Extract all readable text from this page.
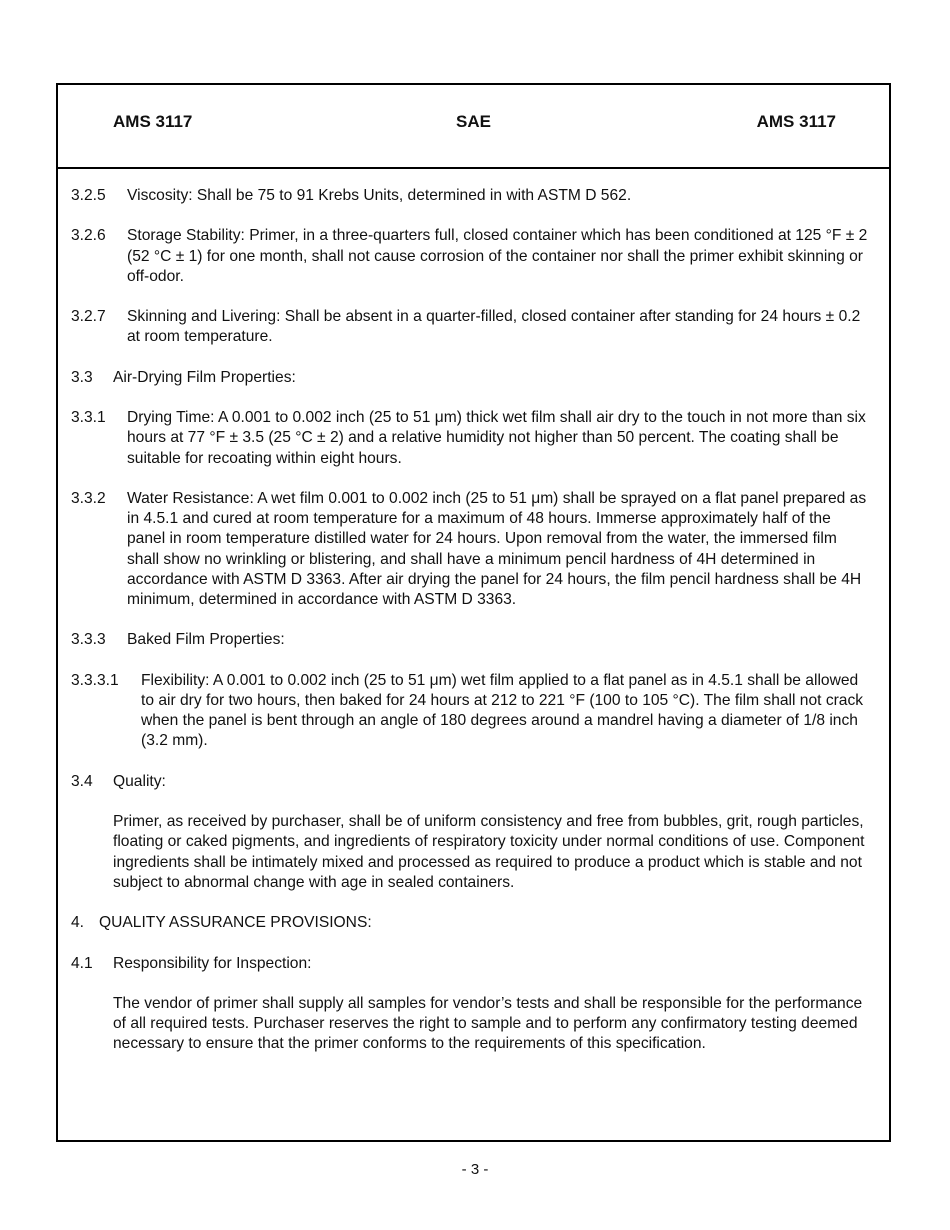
AMS 3117	SAE	AMS 3117
3.2.5 Viscosity: Shall be 75 to 91 Krebs Units, determined in with ASTM D 562.
3.2.6 Storage Stability: Primer, in a three-quarters full, closed container which has been conditioned at 125 °F ± 2 (52 °C ± 1) for one month, shall not cause corrosion of the container nor shall the primer exhibit skinning or off-odor.
3.2.7 Skinning and Livering: Shall be absent in a quarter-filled, closed container after standing for 24 hours ± 0.2 at room temperature.
3.3 Air-Drying Film Properties:
3.3.1 Drying Time: A 0.001 to 0.002 inch (25 to 51 μm) thick wet film shall air dry to the touch in not more than six hours at 77 °F ± 3.5 (25 °C ± 2) and a relative humidity not higher than 50 percent. The coating shall be suitable for recoating within eight hours.
3.3.2 Water Resistance: A wet film 0.001 to 0.002 inch (25 to 51 μm) shall be sprayed on a flat panel prepared as in 4.5.1 and cured at room temperature for a maximum of 48 hours. Immerse approximately half of the panel in room temperature distilled water for 24 hours. Upon removal from the water, the immersed film shall show no wrinkling or blistering, and shall have a minimum pencil hardness of 4H determined in accordance with ASTM D 3363. After air drying the panel for 24 hours, the film pencil hardness shall be 4H minimum, determined in accordance with ASTM D 3363.
3.3.3 Baked Film Properties:
3.3.3.1 Flexibility: A 0.001 to 0.002 inch (25 to 51 μm) wet film applied to a flat panel as in 4.5.1 shall be allowed to air dry for two hours, then baked for 24 hours at 212 to 221 °F (100 to 105 °C). The film shall not crack when the panel is bent through an angle of 180 degrees around a mandrel having a diameter of 1/8 inch (3.2 mm).
3.4 Quality:

Primer, as received by purchaser, shall be of uniform consistency and free from bubbles, grit, rough particles, floating or caked pigments, and ingredients of respiratory toxicity under normal conditions of use. Component ingredients shall be intimately mixed and processed as required to produce a product which is stable and not subject to abnormal change with age in sealed containers.

4. QUALITY ASSURANCE PROVISIONS:
4.1 Responsibility for Inspection:

The vendor of primer shall supply all samples for vendor’s tests and shall be responsible for the performance of all required tests. Purchaser reserves the right to sample and to perform any confirmatory testing deemed necessary to ensure that the primer conforms to the requirements of this specification.

- 3 -
